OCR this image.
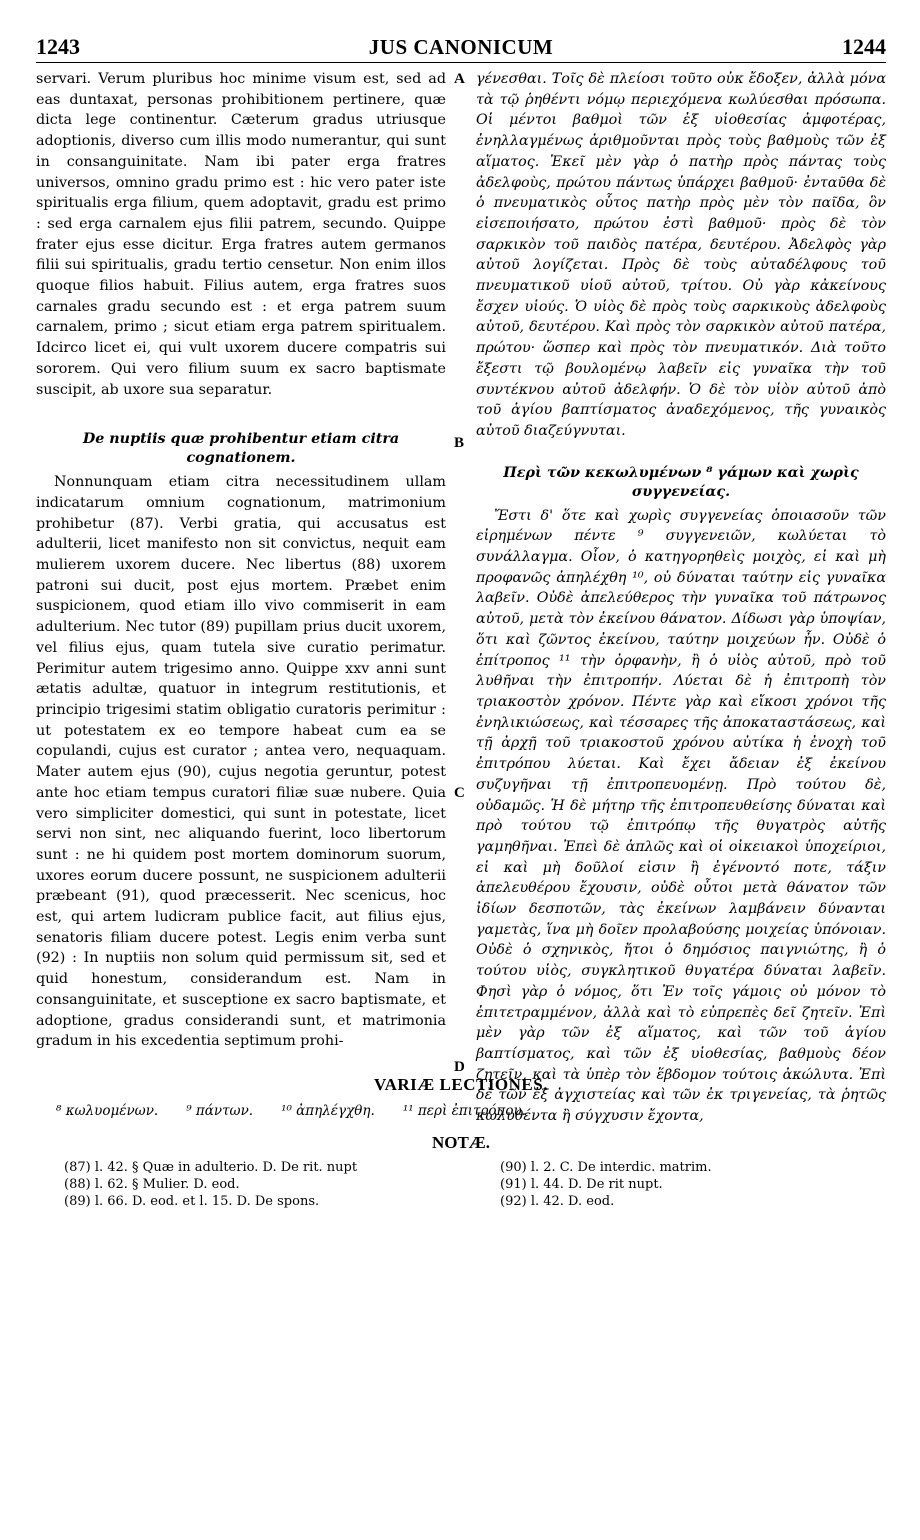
1243	JUS CANONICUM	1244

servari. Verum pluribus hoc minime visum est, sed ad eas duntaxat, personas prohibitionem pertinere, quæ dicta lege continentur. Cæterum gradus utriusque adoptionis, diverso cum illis modo numerantur, qui sunt in consanguinitate. Nam ibi pater erga fratres universos, omnino gradu primo est : hic vero pater iste spiritualis erga filium, quem adoptavit, gradu est primo : sed erga carnalem ejus filii patrem, secundo. Quippe frater ejus esse dicitur. Erga fratres autem germanos filii sui spiritualis, gradu tertio censetur. Non enim illos quoque filios habuit. Filius autem, erga fratres suos carnales gradu secundo est : et erga patrem suum carnalem, primo ; sicut etiam erga patrem spiritualem. Idcirco licet ei, qui vult uxorem ducere compatris sui sororem. Qui vero filium suum ex sacro baptismate suscipit, ab uxore sua separatur.

De nuptiis quæ prohibentur etiam citra cognationem.

Nonnunquam etiam citra necessitudinem ullam indicatarum omnium cognationum, matrimonium prohibetur (87). Verbi gratia, qui accusatus est adulterii, licet manifesto non sit convictus, nequit eam mulierem uxorem ducere. Nec libertus (88) uxorem patroni sui ducit, post ejus mortem. Præbet enim suspicionem, quod etiam illo vivo commiserit in eam adulterium. Nec tutor (89) pupillam prius ducit uxorem, vel filius ejus, quam tutela sive curatio perimatur. Perimitur autem trigesimo anno. Quippe xxv anni sunt ætatis adultæ, quatuor in integrum restitutionis, et principio trigesimi statim obligatio curatoris perimitur : ut potestatem ex eo tempore habeat cum ea se copulandi, cujus est curator ; antea vero, nequaquam. Mater autem ejus (90), cujus negotia geruntur, potest ante hoc etiam tempus curatori filiæ suæ nubere. Quia vero simpliciter domestici, qui sunt in potestate, licet servi non sint, nec aliquando fuerint, loco libertorum sunt : ne hi quidem post mortem dominorum suorum, uxores eorum ducere possunt, ne suspicionem adulterii præbeant (91), quod præcesserit. Nec scenicus, hoc est, qui artem ludicram publice facit, aut filius ejus, senatoris filiam ducere potest. Legis enim verba sunt (92) : In nuptiis non solum quid permissum sit, sed et quid honestum, considerandum est. Nam in consanguinitate, et susceptione ex sacro baptismate, et adoptione, gradus considerandi sunt, et matrimonia gradum in his excedentia septimum prohi-

A
B
C
D

γένεσθαι. Τοῖς δὲ πλείοσι τοῦτο οὐκ ἔδοξεν, ἀλλὰ μόνα τὰ τῷ ῥηθέντι νόμῳ περιεχόμενα κωλύεσθαι πρόσωπα. Οἱ μέντοι βαθμοὶ τῶν ἐξ υἱοθεσίας ἀμφοτέρας, ἐνηλλαγμένως ἀριθμοῦνται πρὸς τοὺς βαθμοὺς τῶν ἐξ αἵματος. Ἐκεῖ μὲν γὰρ ὁ πατὴρ πρὸς πάντας τοὺς ἀδελφοὺς, πρώτου πάντως ὑπάρχει βαθμοῦ· ἐνταῦθα δὲ ὁ πνευματικὸς οὗτος πατὴρ πρὸς μὲν τὸν παῖδα, ὃν εἰσεποιήσατο, πρώτου ἐστὶ βαθμοῦ· πρὸς δὲ τὸν σαρκικὸν τοῦ παιδὸς πατέρα, δευτέρου. Ἀδελφὸς γὰρ αὐτοῦ λογίζεται. Πρὸς δὲ τοὺς αὐταδέλφους τοῦ πνευματικοῦ υἱοῦ αὐτοῦ, τρίτου. Οὐ γὰρ κἀκείνους ἔσχεν υἱούς. Ὁ υἱὸς δὲ πρὸς τοὺς σαρκικοὺς ἀδελφοὺς αὐτοῦ, δευτέρου. Καὶ πρὸς τὸν σαρκικὸν αὐτοῦ πατέρα, πρώτου· ὥσπερ καὶ πρὸς τὸν πνευματικόν. Διὰ τοῦτο ἔξεστι τῷ βουλομένῳ λαβεῖν εἰς γυναῖκα τὴν τοῦ συντέκνου αὐτοῦ ἀδελφήν. Ὁ δὲ τὸν υἱὸν αὐτοῦ ἀπὸ τοῦ ἁγίου βαπτίσματος ἀναδεχόμενος, τῆς γυναικὸς αὐτοῦ διαζεύγνυται.

Περὶ τῶν κεκωλυμένων ⁸ γάμων καὶ χωρὶς συγγενείας.

Ἔστι δ' ὅτε καὶ χωρὶς συγγενείας ὁποιασοῦν τῶν εἰρημένων πέντε ⁹ συγγενειῶν, κωλύεται τὸ συνάλλαγμα. Οἷον, ὁ κατηγορηθεὶς μοιχὸς, εἰ καὶ μὴ προφανῶς ἀπηλέχθη ¹⁰, οὐ δύναται ταύτην εἰς γυναῖκα λαβεῖν. Οὐδὲ ἀπελεύθερος τὴν γυναῖκα τοῦ πάτρωνος αὐτοῦ, μετὰ τὸν ἐκείνου θάνατον. Δίδωσι γὰρ ὑποψίαν, ὅτι καὶ ζῶντος ἐκείνου, ταύτην μοιχεύων ἦν. Οὐδὲ ὁ ἐπίτροπος ¹¹ τὴν ὀρφανὴν, ἢ ὁ υἱὸς αὐτοῦ, πρὸ τοῦ λυθῆναι τὴν ἐπιτροπήν. Λύεται δὲ ἡ ἐπιτροπὴ τὸν τριακοστὸν χρόνον. Πέντε γὰρ καὶ εἴκοσι χρόνοι τῆς ἐνηλικιώσεως, καὶ τέσσαρες τῆς ἀποκαταστάσεως, καὶ τῇ ἀρχῇ τοῦ τριακοστοῦ χρόνου αὐτίκα ἡ ἐνοχὴ τοῦ ἐπιτρόπου λύεται. Καὶ ἔχει ἄδειαν ἐξ ἐκείνου συζυγῆναι τῇ ἐπιτροπευομένῃ. Πρὸ τούτου δὲ, οὐδαμῶς. Ἡ δὲ μήτηρ τῆς ἐπιτροπευθείσης δύναται καὶ πρὸ τούτου τῷ ἐπιτρόπῳ τῆς θυγατρὸς αὐτῆς γαμηθῆναι. Ἐπεὶ δὲ ἁπλῶς καὶ οἱ οἰκειακοὶ ὑποχείριοι, εἰ καὶ μὴ δοῦλοί εἰσιν ἢ ἐγένοντό ποτε, τάξιν ἀπελευθέρου ἔχουσιν, οὐδὲ οὗτοι μετὰ θάνατον τῶν ἰδίων δεσποτῶν, τὰς ἐκείνων λαμβάνειν δύνανται γαμετὰς, ἵνα μὴ δοῖεν προλαβούσης μοιχείας ὑπόνοιαν. Οὐδὲ ὁ σχηνικὸς, ἤτοι ὁ δημόσιος παιγνιώτης, ἢ ὁ τούτου υἱὸς, συγκλητικοῦ θυγατέρα δύναται λαβεῖν. Φησὶ γὰρ ὁ νόμος, ὅτι Ἐν τοῖς γάμοις οὐ μόνον τὸ ἐπιτετραμμένον, ἀλλὰ καὶ τὸ εὐπρεπὲς δεῖ ζητεῖν. Ἐπὶ μὲν γὰρ τῶν ἐξ αἵματος, καὶ τῶν τοῦ ἁγίου βαπτίσματος, καὶ τῶν ἐξ υἱοθεσίας, βαθμοὺς δέον ζητεῖν, καὶ τὰ ὑπὲρ τὸν ἕβδομον τούτοις ἀκώλυτα. Ἐπὶ δὲ τῶν ἐξ ἀγχιστείας καὶ τῶν ἐκ τριγενείας, τὰ ῥητῶς κωλυθέντα ἢ σύγχυσιν ἔχοντα,

VARIÆ LECTIONES.
⁸ κωλυομένων. ⁹ πάντων. ¹⁰ ἀπηλέγχθη. ¹¹ περὶ ἐπιτρόπου.
NOTÆ.
(87) l. 42. § Quæ in adulterio. D. De rit. nupt
(88) l. 62. § Mulier. D. eod.
(89) l. 66. D. eod. et l. 15. D. De spons.
(90) l. 2. C. De interdic. matrim.
(91) l. 44. D. De rit nupt.
(92) l. 42. D. eod.
